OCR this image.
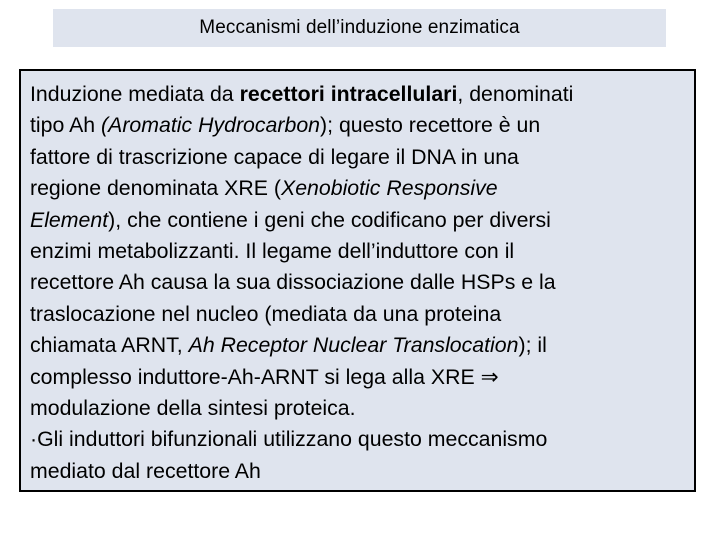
Meccanismi dell’induzione enzimatica
Induzione mediata da recettori intracellulari, denominati
tipo Ah (Aromatic Hydrocarbon); questo recettore è un
fattore di trascrizione capace di legare il DNA in una
regione denominata XRE (Xenobiotic Responsive
Element), che contiene i geni che codificano per diversi
enzimi metabolizzanti. Il legame dell’induttore con il
recettore Ah causa la sua dissociazione dalle HSPs e la
traslocazione nel nucleo (mediata da una proteina
chiamata ARNT, Ah Receptor Nuclear Translocation); il
complesso induttore-Ah-ARNT si lega alla XRE ⇒
modulazione della sintesi proteica.
·Gli induttori bifunzionali utilizzano questo meccanismo
mediato dal recettore Ah
